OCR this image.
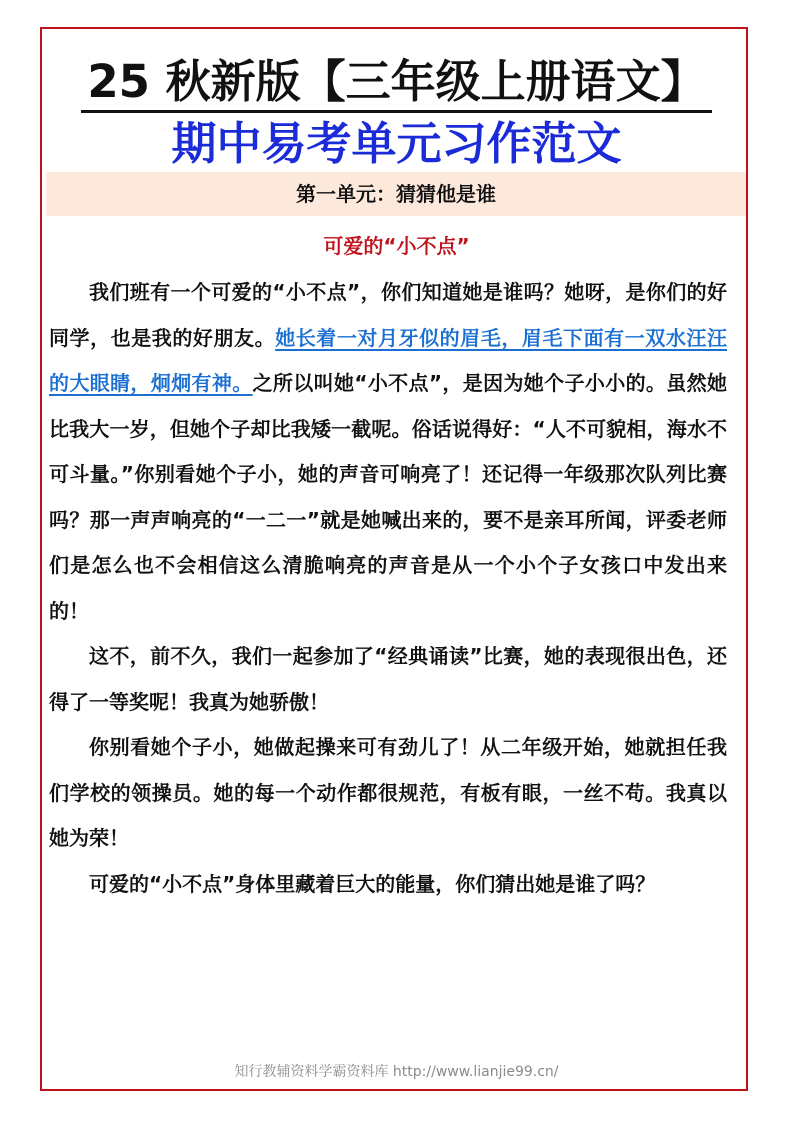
25 秋新版【三年级上册语文】
期中易考单元习作范文
第一单元：猜猜他是谁
可爱的“小不点”

我们班有一个可爱的“小不点”，你们知道她是谁吗？她呀，是你们的好同学，也是我的好朋友。她长着一对月牙似的眉毛，眉毛下面有一双水汪汪的大眼睛，炯炯有神。之所以叫她“小不点”，是因为她个子小小的。虽然她比我大一岁，但她个子却比我矮一截呢。俗话说得好：“人不可貌相，海水不可斗量。”你别看她个子小，她的声音可响亮了！还记得一年级那次队列比赛吗？那一声声响亮的“一二一”就是她喊出来的，要不是亲耳所闻，评委老师们是怎么也不会相信这么清脆响亮的声音是从一个小个子女孩口中发出来的！

这不，前不久，我们一起参加了“经典诵读”比赛，她的表现很出色，还得了一等奖呢！我真为她骄傲！

你别看她个子小，她做起操来可有劲儿了！从二年级开始，她就担任我们学校的领操员。她的每一个动作都很规范，有板有眼，一丝不苟。我真以她为荣！

可爱的“小不点”身体里藏着巨大的能量，你们猜出她是谁了吗？

知行教辅资料学霸资料库 http://www.lianjie99.cn/
